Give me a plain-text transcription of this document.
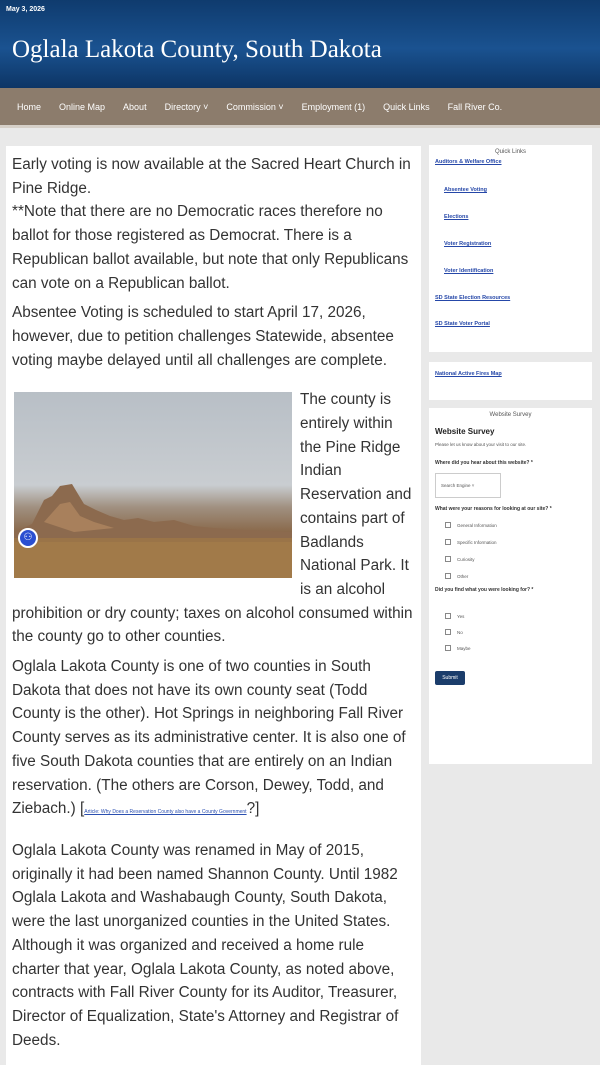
May 3, 2026
Oglala Lakota County, South Dakota
Home	Online Map	About	Directory ˅	Commission ˅	Employment (1)	Quick Links	Fall River Co.

Early voting is now available at the Sacred Heart Church in Pine Ridge.

**Note that there are no Democratic races therefore no ballot for those registered as Democrat. There is a Republican ballot available, but note that only Republicans can vote on a Republican ballot.

Absentee Voting is scheduled to start April 17, 2026, however, due to petition challenges Statewide, absentee voting maybe delayed until all challenges are complete.

⚇

The county is entirely within the Pine Ridge Indian Reservation and contains part of Badlands National Park. It is an alcohol prohibition or dry county; taxes on alcohol consumed within the county go to other counties.

Oglala Lakota County is one of two counties in South Dakota that does not have its own county seat (Todd County is the other). Hot Springs in neighboring Fall River County serves as its administrative center. It is also one of five South Dakota counties that are entirely on an Indian reservation. (The others are Corson, Dewey, Todd, and Ziebach.) [Article: Why Does a Reservation County also have a County Government?]

Oglala Lakota County was renamed in May of 2015, originally it had been named Shannon County. Until 1982 Oglala Lakota and Washabaugh County, South Dakota, were the last unorganized counties in the United States. Although it was organized and received a home rule charter that year, Oglala Lakota County, as noted above, contracts with Fall River County for its Auditor, Treasurer, Director of Equalization, State's Attorney and Registrar of Deeds.

Quick Links
Auditors & Welfare Office
Absentee Voting
Elections
Voter Registration
Voter Identification
SD State Election Resources
SD State Voter Portal
National Active Fires Map
Website Survey
Website Survey
Please let us know about your visit to our site.
Where did you hear about this website? *
Search Engine ˅
What were your reasons for looking at our site? *
General Information
Specific Information
Curiosity
Other
Did you find what you were looking for? *
Yes
No
Maybe
Submit
